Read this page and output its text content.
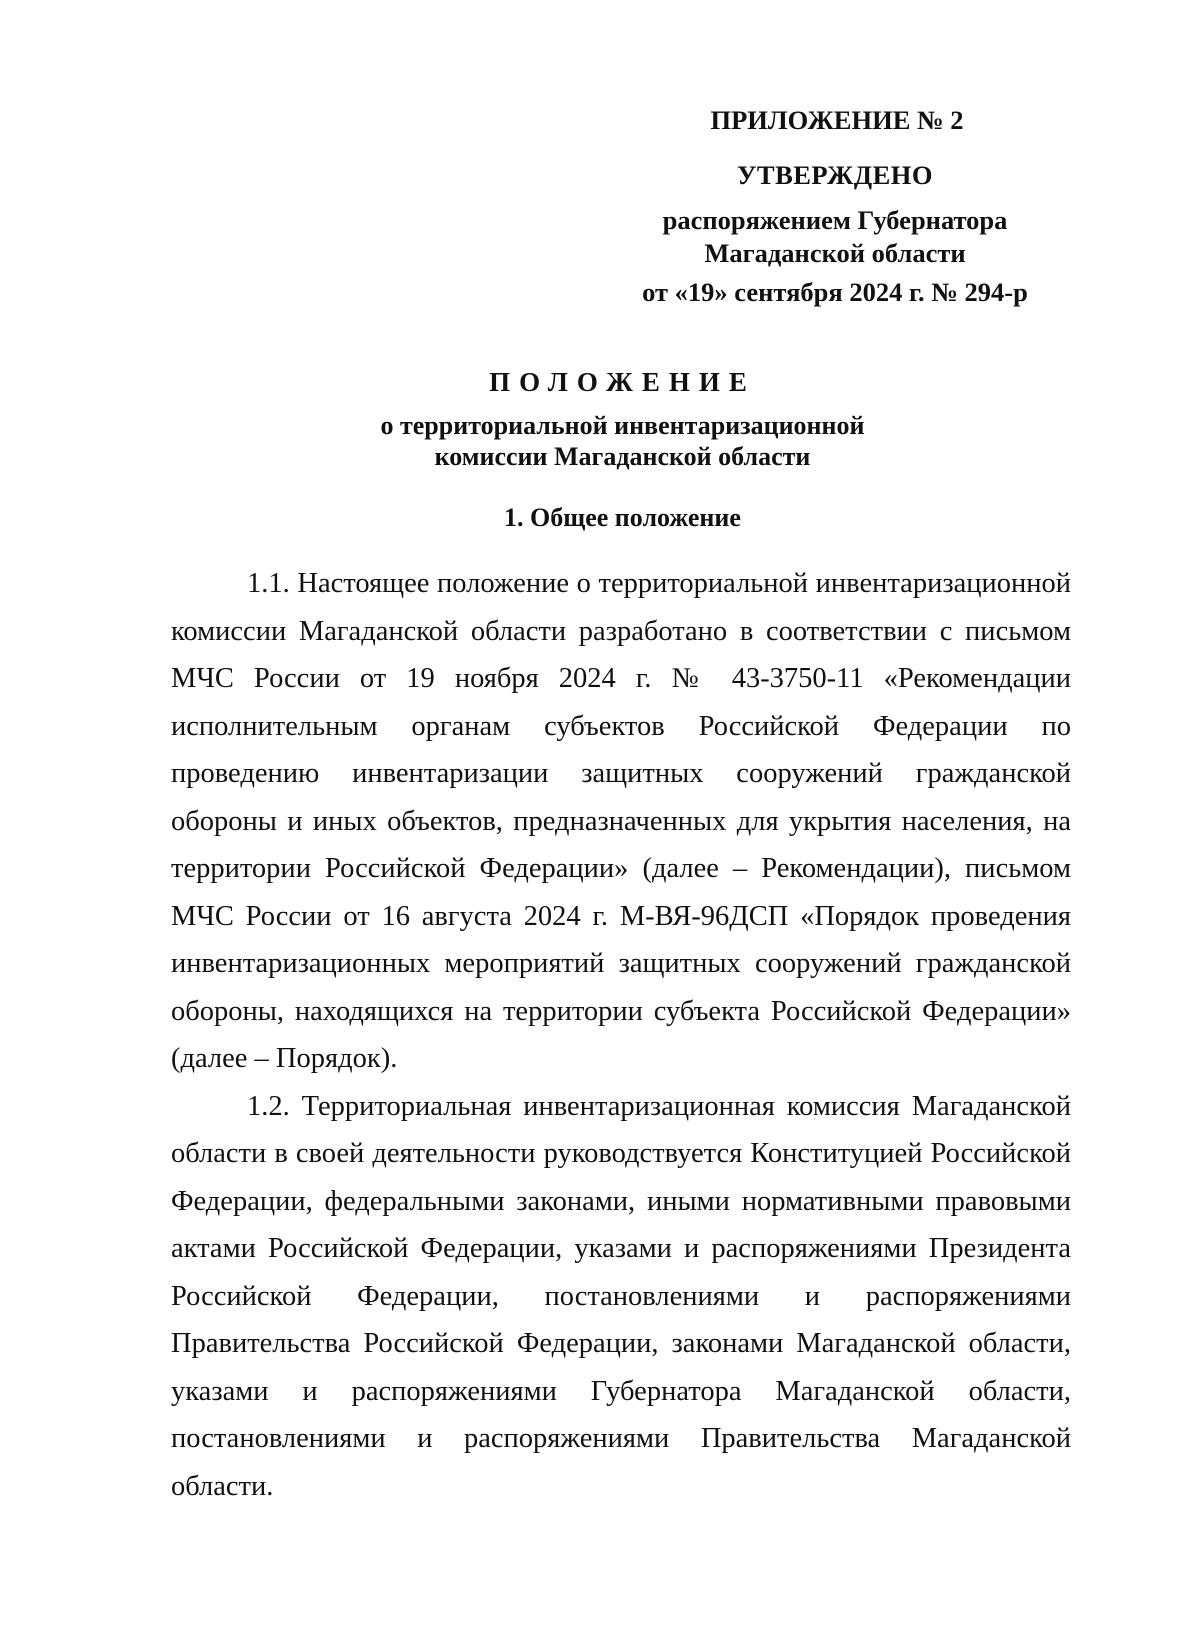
ПРИЛОЖЕНИЕ № 2
УТВЕРЖДЕНО
распоряжением Губернатора
Магаданской области
от «19» сентября 2024 г. № 294-р
ПОЛОЖЕНИЕ
о территориальной инвентаризационной
комиссии Магаданской области
1. Общее положение

1.1. Настоящее положение о территориальной инвентаризационной комиссии Магаданской области разработано в соответствии с письмом МЧС России от 19 ноября 2024 г. № 43-3750-11 «Рекомендации исполнительным органам субъектов Российской Федерации по проведению инвентаризации защитных сооружений гражданской обороны и иных объектов, предназначенных для укрытия населения, на территории Российской Федерации» (далее – Рекомендации), письмом МЧС России от 16 августа 2024 г. М-ВЯ-96ДСП «Порядок проведения инвентаризационных мероприятий защитных сооружений гражданской обороны, находящихся на территории субъекта Российской Федерации» (далее – Порядок).

1.2. Территориальная инвентаризационная комиссия Магаданской области в своей деятельности руководствуется Конституцией Российской Федерации, федеральными законами, иными нормативными правовыми актами Российской Федерации, указами и распоряжениями Президента Российской Федерации, постановлениями и распоряжениями Правительства Российской Федерации, законами Магаданской области, указами и распоряжениями Губернатора Магаданской области, постановлениями и распоряжениями Правительства Магаданской области.
